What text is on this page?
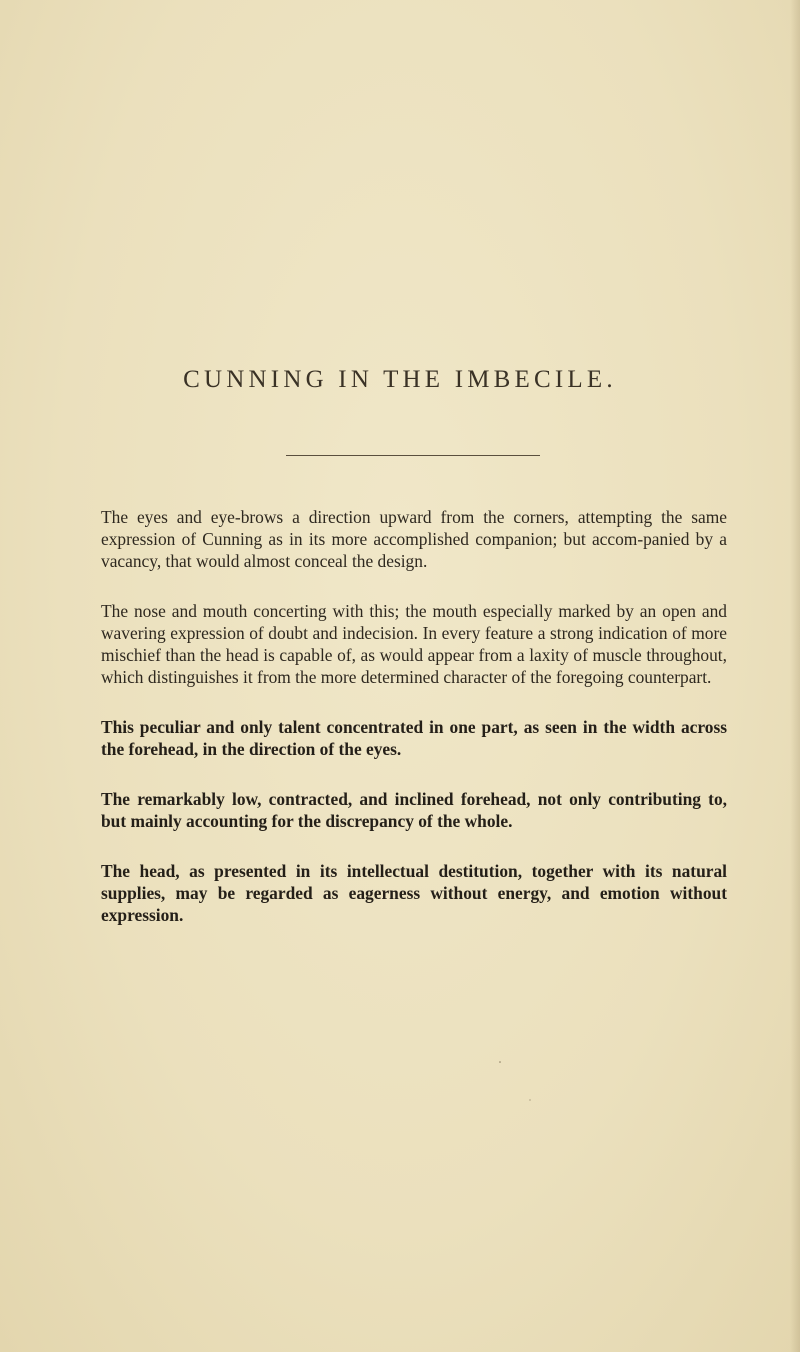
CUNNING IN THE IMBECILE.

The eyes and eye-brows a direction upward from the corners, attempting the same expression of Cunning as in its more accomplished companion; but accom-panied by a vacancy, that would almost conceal the design.

The nose and mouth concerting with this; the mouth especially marked by an open and wavering expression of doubt and indecision. In every feature a strong indication of more mischief than the head is capable of, as would appear from a laxity of muscle throughout, which distinguishes it from the more determined character of the foregoing counterpart.

This peculiar and only talent concentrated in one part, as seen in the width across the forehead, in the direction of the eyes.

The remarkably low, contracted, and inclined forehead, not only contributing to, but mainly accounting for the discrepancy of the whole.

The head, as presented in its intellectual destitution, together with its natural supplies, may be regarded as eagerness without energy, and emotion without expression.
